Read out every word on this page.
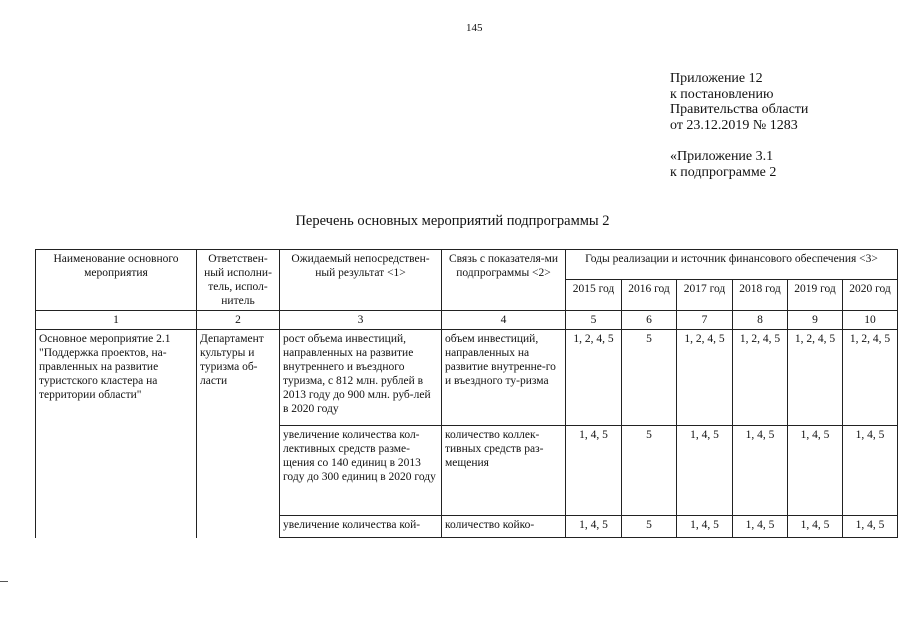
145
Приложение 12
к постановлению
Правительства области
от 23.12.2019 № 1283
«Приложение 3.1
к подпрограмме 2
Перечень основных мероприятий подпрограммы 2
Наименование основного мероприятия	Ответствен-ный исполни-тель, испол-нитель	Ожидаемый непосредствен-ный результат <1>	Связь с показателя-ми подпрограммы <2>	Годы реализации и источник финансового обеспечения <3>					
				2015 год	2016 год	2017 год	2018 год	2019 год	2020 год
1	2	3	4	5	6	7	8	9	10
Основное мероприятие 2.1 "Поддержка проектов, на-правленных на развитие туристского кластера на территории области"	Департамент культуры и туризма об-ласти	рост объема инвестиций, направленных на развитие внутреннего и въездного туризма, с 812 млн. рублей в 2013 году до 900 млн. руб-лей в 2020 году	объем инвестиций, направленных на развитие внутренне-го и въездного ту-ризма	1, 2, 4, 5	5	1, 2, 4, 5	1, 2, 4, 5	1, 2, 4, 5	1, 2, 4, 5
		увеличение количества кол-лективных средств разме-щения со 140 единиц в 2013 году до 300 единиц в 2020 году	количество коллек-тивных средств раз-мещения	1, 4, 5	5	1, 4, 5	1, 4, 5	1, 4, 5	1, 4, 5
		увеличение количества кой-	количество койко-	1, 4, 5	5	1, 4, 5	1, 4, 5	1, 4, 5	1, 4, 5
